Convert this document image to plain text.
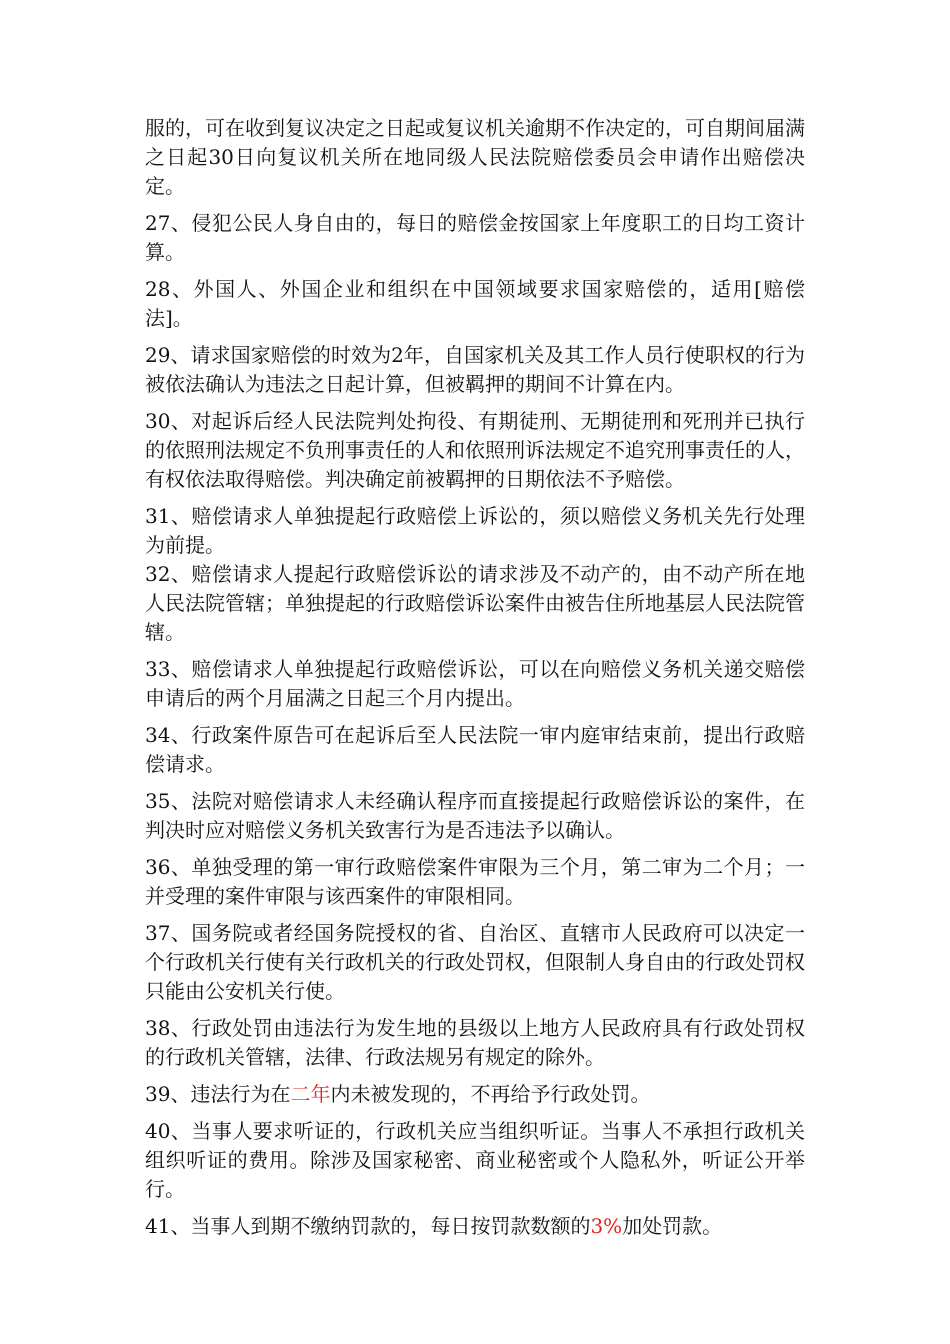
服的，可在收到复议决定之日起或复议机关逾期不作决定的，可自期间届满之日起30日向复议机关所在地同级人民法院赔偿委员会申请作出赔偿决定。

27、侵犯公民人身自由的，每日的赔偿金按国家上年度职工的日均工资计算。

28、外国人、外国企业和组织在中国领域要求国家赔偿的，适用[赔偿法]。

29、请求国家赔偿的时效为2年，自国家机关及其工作人员行使职权的行为被依法确认为违法之日起计算，但被羁押的期间不计算在内。

30、对起诉后经人民法院判处拘役、有期徒刑、无期徒刑和死刑并已执行的依照刑法规定不负刑事责任的人和依照刑诉法规定不追究刑事责任的人，有权依法取得赔偿。判决确定前被羁押的日期依法不予赔偿。

31、赔偿请求人单独提起行政赔偿上诉讼的，须以赔偿义务机关先行处理为前提。

32、赔偿请求人提起行政赔偿诉讼的请求涉及不动产的，由不动产所在地人民法院管辖；单独提起的行政赔偿诉讼案件由被告住所地基层人民法院管辖。

33、赔偿请求人单独提起行政赔偿诉讼，可以在向赔偿义务机关递交赔偿申请后的两个月届满之日起三个月内提出。

34、行政案件原告可在起诉后至人民法院一审内庭审结束前，提出行政赔偿请求。

35、法院对赔偿请求人未经确认程序而直接提起行政赔偿诉讼的案件，在判决时应对赔偿义务机关致害行为是否违法予以确认。

36、单独受理的第一审行政赔偿案件审限为三个月，第二审为二个月；一并受理的案件审限与该西案件的审限相同。

37、国务院或者经国务院授权的省、自治区、直辖市人民政府可以决定一个行政机关行使有关行政机关的行政处罚权，但限制人身自由的行政处罚权只能由公安机关行使。

38、行政处罚由违法行为发生地的县级以上地方人民政府具有行政处罚权的行政机关管辖，法律、行政法规另有规定的除外。

39、违法行为在二年内未被发现的，不再给予行政处罚。

40、当事人要求听证的，行政机关应当组织听证。当事人不承担行政机关组织听证的费用。除涉及国家秘密、商业秘密或个人隐私外，听证公开举行。

41、当事人到期不缴纳罚款的，每日按罚款数额的3%加处罚款。
